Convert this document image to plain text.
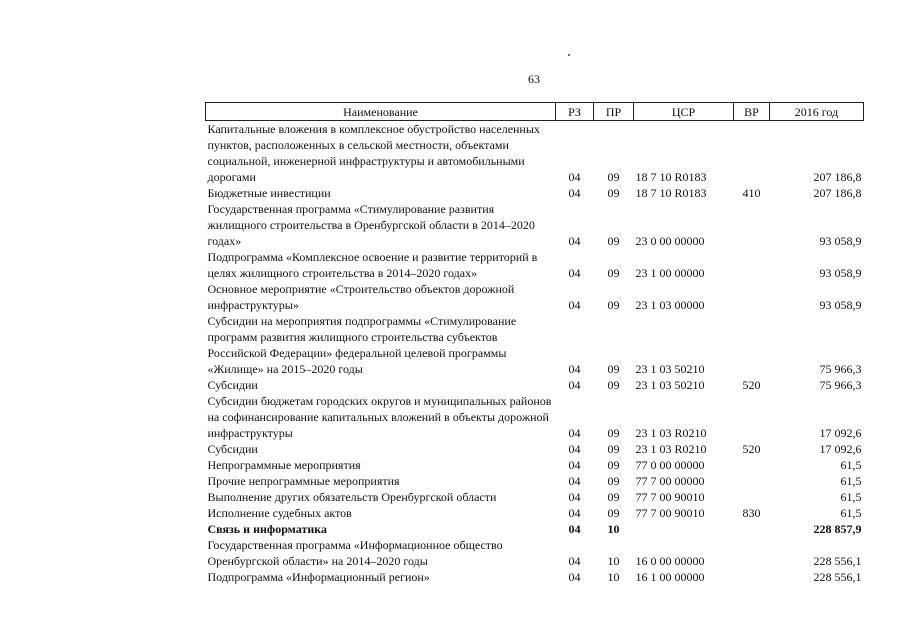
63
Наименование	РЗ	ПР	ЦСР	ВР	2016 год
Капитальные вложения в комплексное обустройство населенных пунктов, расположенных в сельской местности, объектами социальной, инженерной инфраструктуры и автомобильными дорогами	04	09	18 7 10 R0183		207 186,8
Бюджетные инвестиции	04	09	18 7 10 R0183	410	207 186,8
Государственная программа «Стимулирование развития жилищного строительства в Оренбургской области в 2014–2020 годах»	04	09	23 0 00 00000		93 058,9
Подпрограмма «Комплексное освоение и развитие территорий в целях жилищного строительства в 2014–2020 годах»	04	09	23 1 00 00000		93 058,9
Основное мероприятие «Строительство объектов дорожной инфраструктуры»	04	09	23 1 03 00000		93 058,9
Субсидии на мероприятия подпрограммы «Стимулирование программ развития жилищного строительства субъектов Российской Федерации» федеральной целевой программы «Жилище» на 2015–2020 годы	04	09	23 1 03 50210		75 966,3
Субсидии	04	09	23 1 03 50210	520	75 966,3
Субсидии бюджетам городских округов и муниципальных районов на софинансирование капитальных вложений в объекты дорожной инфраструктуры	04	09	23 1 03 R0210		17 092,6
Субсидии	04	09	23 1 03 R0210	520	17 092,6
Непрограммные мероприятия	04	09	77 0 00 00000		61,5
Прочие непрограммные мероприятия	04	09	77 7 00 00000		61,5
Выполнение других обязательств Оренбургской области	04	09	77 7 00 90010		61,5
Исполнение судебных актов	04	09	77 7 00 90010	830	61,5
Связь и информатика	04	10			228 857,9
Государственная программа «Информационное общество Оренбургской области» на 2014–2020 годы	04	10	16 0 00 00000		228 556,1
Подпрограмма «Информационный регион»	04	10	16 1 00 00000		228 556,1
